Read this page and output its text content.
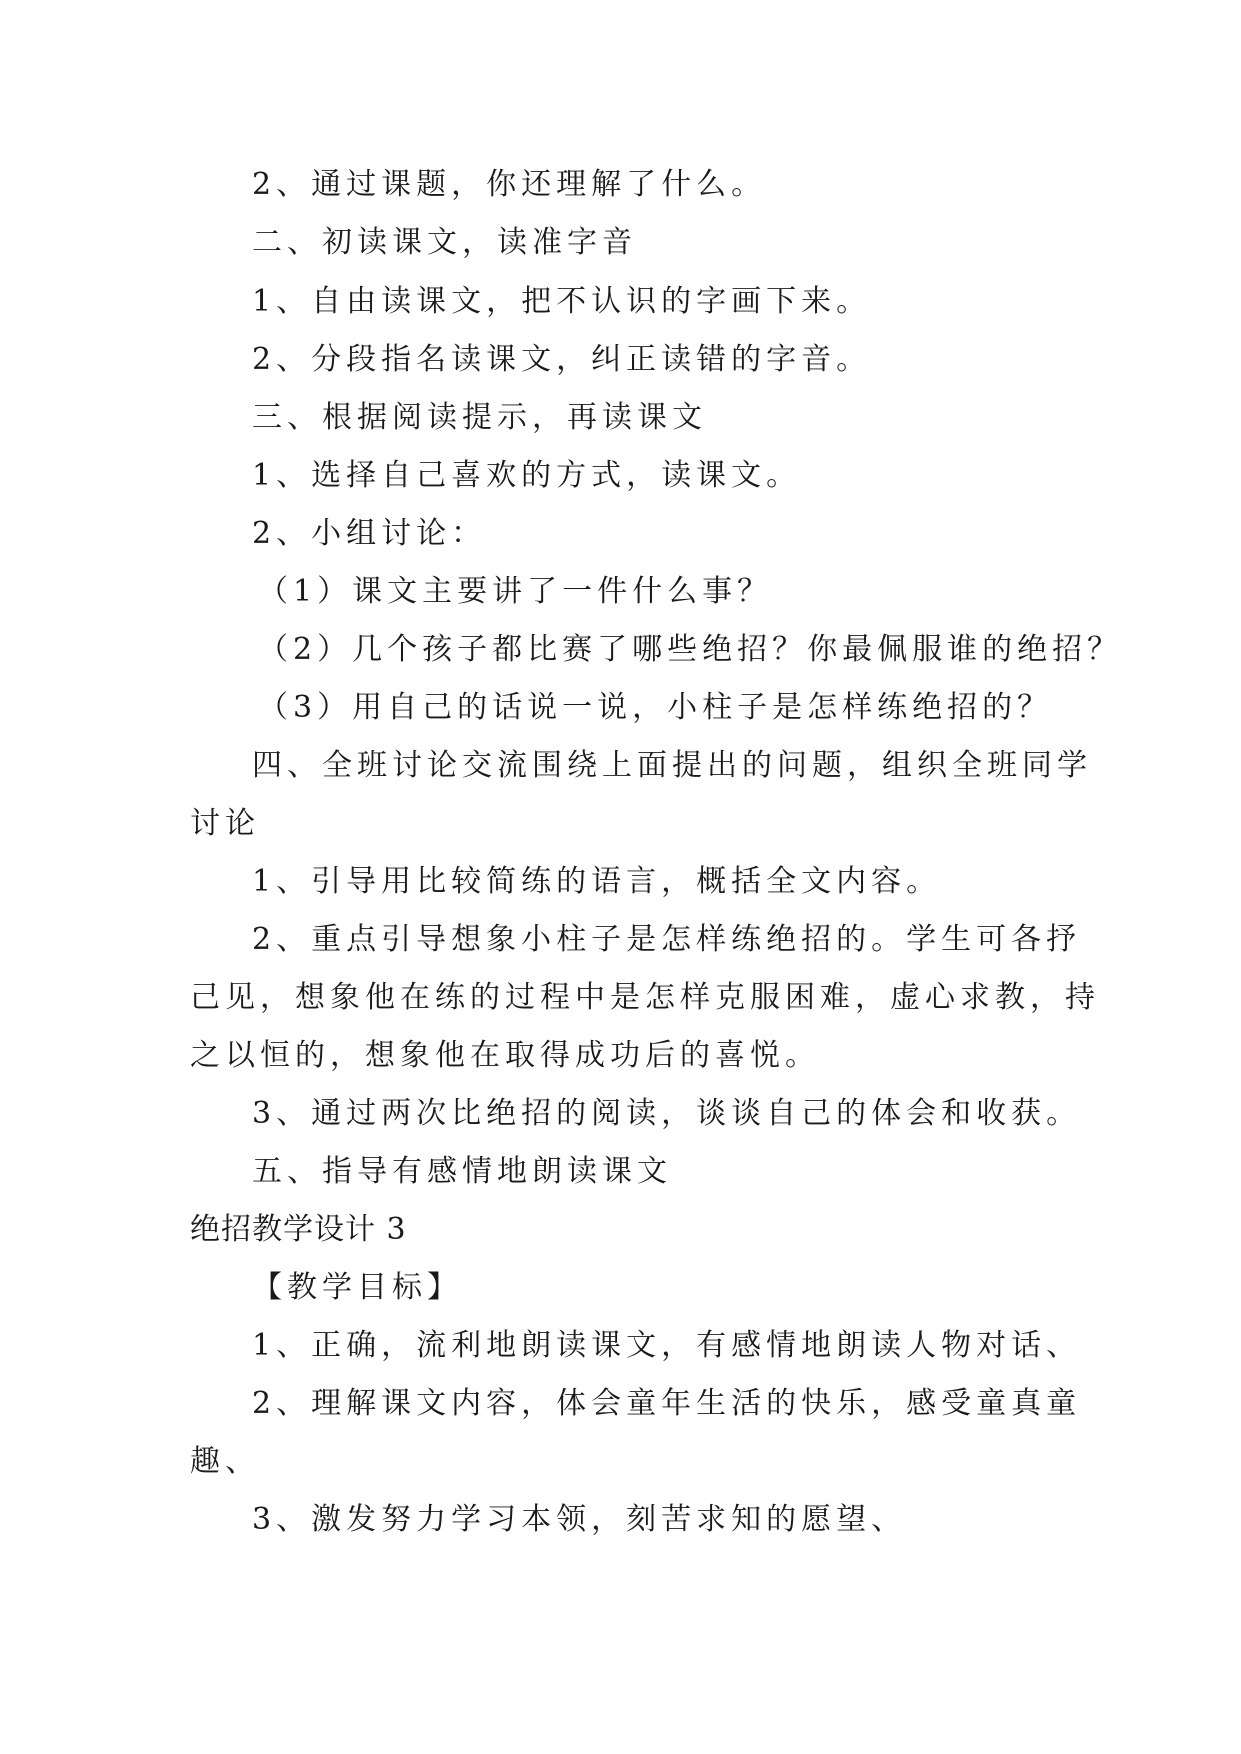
2、通过课题，你还理解了什么。
二、初读课文，读准字音
1、自由读课文，把不认识的字画下来。
2、分段指名读课文，纠正读错的字音。
三、根据阅读提示，再读课文
1、选择自己喜欢的方式，读课文。
2、小组讨论：
（1）课文主要讲了一件什么事？
（2）几个孩子都比赛了哪些绝招？你最佩服谁的绝招？
（3）用自己的话说一说，小柱子是怎样练绝招的？
四、全班讨论交流围绕上面提出的问题，组织全班同学
讨论
1、引导用比较简练的语言，概括全文内容。
2、重点引导想象小柱子是怎样练绝招的。学生可各抒
己见，想象他在练的过程中是怎样克服困难，虚心求教，持
之以恒的，想象他在取得成功后的喜悦。
3、通过两次比绝招的阅读，谈谈自己的体会和收获。
五、指导有感情地朗读课文
绝招教学设计 3
【教学目标】
1、正确，流利地朗读课文，有感情地朗读人物对话、
2、理解课文内容，体会童年生活的快乐，感受童真童
趣、
3、激发努力学习本领，刻苦求知的愿望、
